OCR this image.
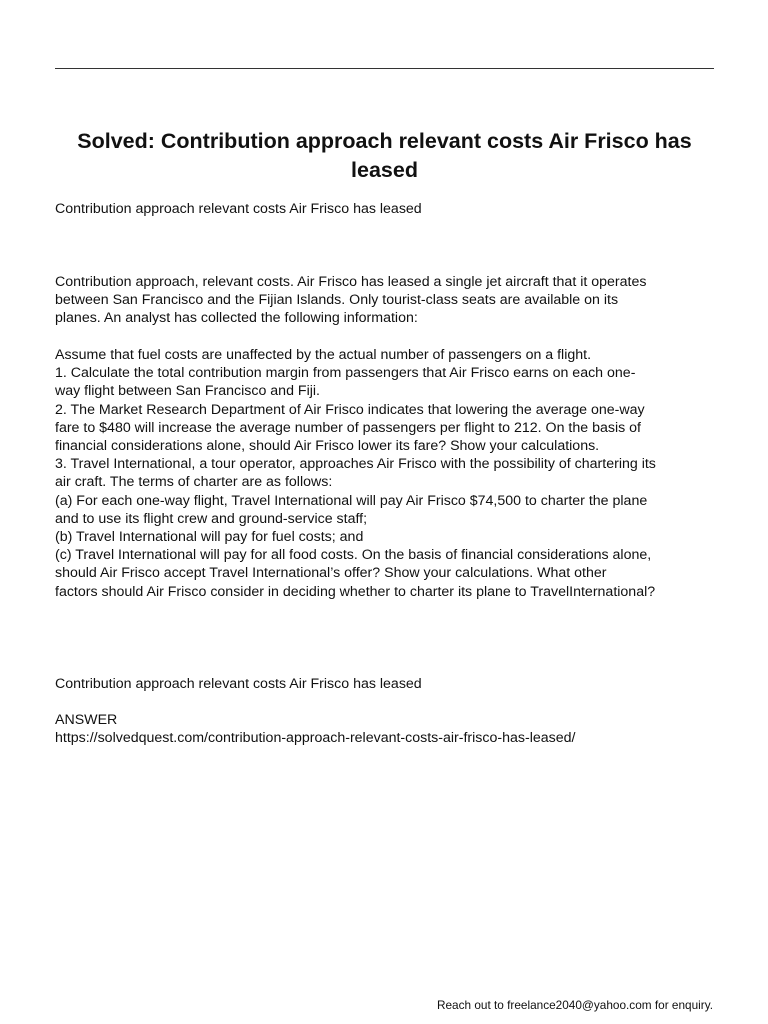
Solved: Contribution approach relevant costs Air Frisco has leased

Contribution approach relevant costs Air Frisco has leased

Contribution approach, relevant costs. Air Frisco has leased a single jet aircraft that it operates
between San Francisco and the Fijian Islands. Only tourist-class seats are available on its
planes. An analyst has collected the following information:
Assume that fuel costs are unaffected by the actual number of passengers on a flight.
1. Calculate the total contribution margin from passengers that Air Frisco earns on each one-
way flight between San Francisco and Fiji.
2. The Market Research Department of Air Frisco indicates that lowering the average one-way
fare to $480 will increase the average number of passengers per flight to 212. On the basis of
financial considerations alone, should Air Frisco lower its fare? Show your calculations.
3. Travel International, a tour operator, approaches Air Frisco with the possibility of chartering its
air craft. The terms of charter are as follows:
(a) For each one-way flight, Travel International will pay Air Frisco $74,500 to charter the plane
and to use its flight crew and ground-service staff;
(b) Travel International will pay for fuel costs; and
(c) Travel International will pay for all food costs. On the basis of financial considerations alone,
should Air Frisco accept Travel International’s offer? Show your calculations. What other
factors should Air Frisco consider in deciding whether to charter its plane to TravelInternational?

Contribution approach relevant costs Air Frisco has leased

ANSWER
https://solvedquest.com/contribution-approach-relevant-costs-air-frisco-has-leased/

Reach out to freelance2040@yahoo.com for enquiry.
